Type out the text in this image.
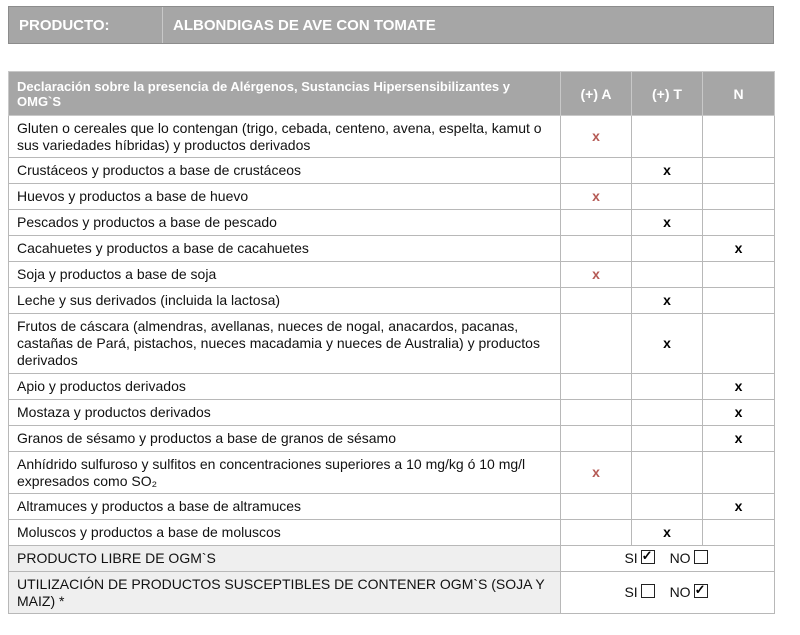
PRODUCTO:	ALBONDIGAS DE AVE CON TOMATE
Declaración sobre la presencia de Alérgenos, Sustancias Hipersensibilizantes y OMG`S	(+) A	(+) T	N
Gluten o cereales que lo contengan (trigo, cebada, centeno, avena, espelta, kamut o sus variedades híbridas) y productos derivados	x		
Crustáceos y productos a base de crustáceos		x	
Huevos y productos a base de huevo	x		
Pescados y productos a base de pescado		x	
Cacahuetes y productos a base de cacahuetes			x
Soja y productos a base de soja	x		
Leche y sus derivados (incluida la lactosa)		x	
Frutos de cáscara (almendras, avellanas, nueces de nogal, anacardos, pacanas, castañas de Pará, pistachos, nueces macadamia y nueces de Australia) y productos derivados		x	
Apio y productos derivados			x
Mostaza y productos derivados			x
Granos de sésamo y productos a base de granos de sésamo			x
Anhídrido sulfuroso y sulfitos en concentraciones superiores a 10 mg/kg ó 10 mg/l expresados como SO₂	x		
Altramuces y productos a base de altramuces			x
Moluscos y productos a base de moluscos		x	
PRODUCTO LIBRE DE OGM`S	SI ✓ NO
UTILIZACIÓN DE PRODUCTOS SUSCEPTIBLES DE CONTENER OGM`S (SOJA Y MAIZ) *	SI NO✓
